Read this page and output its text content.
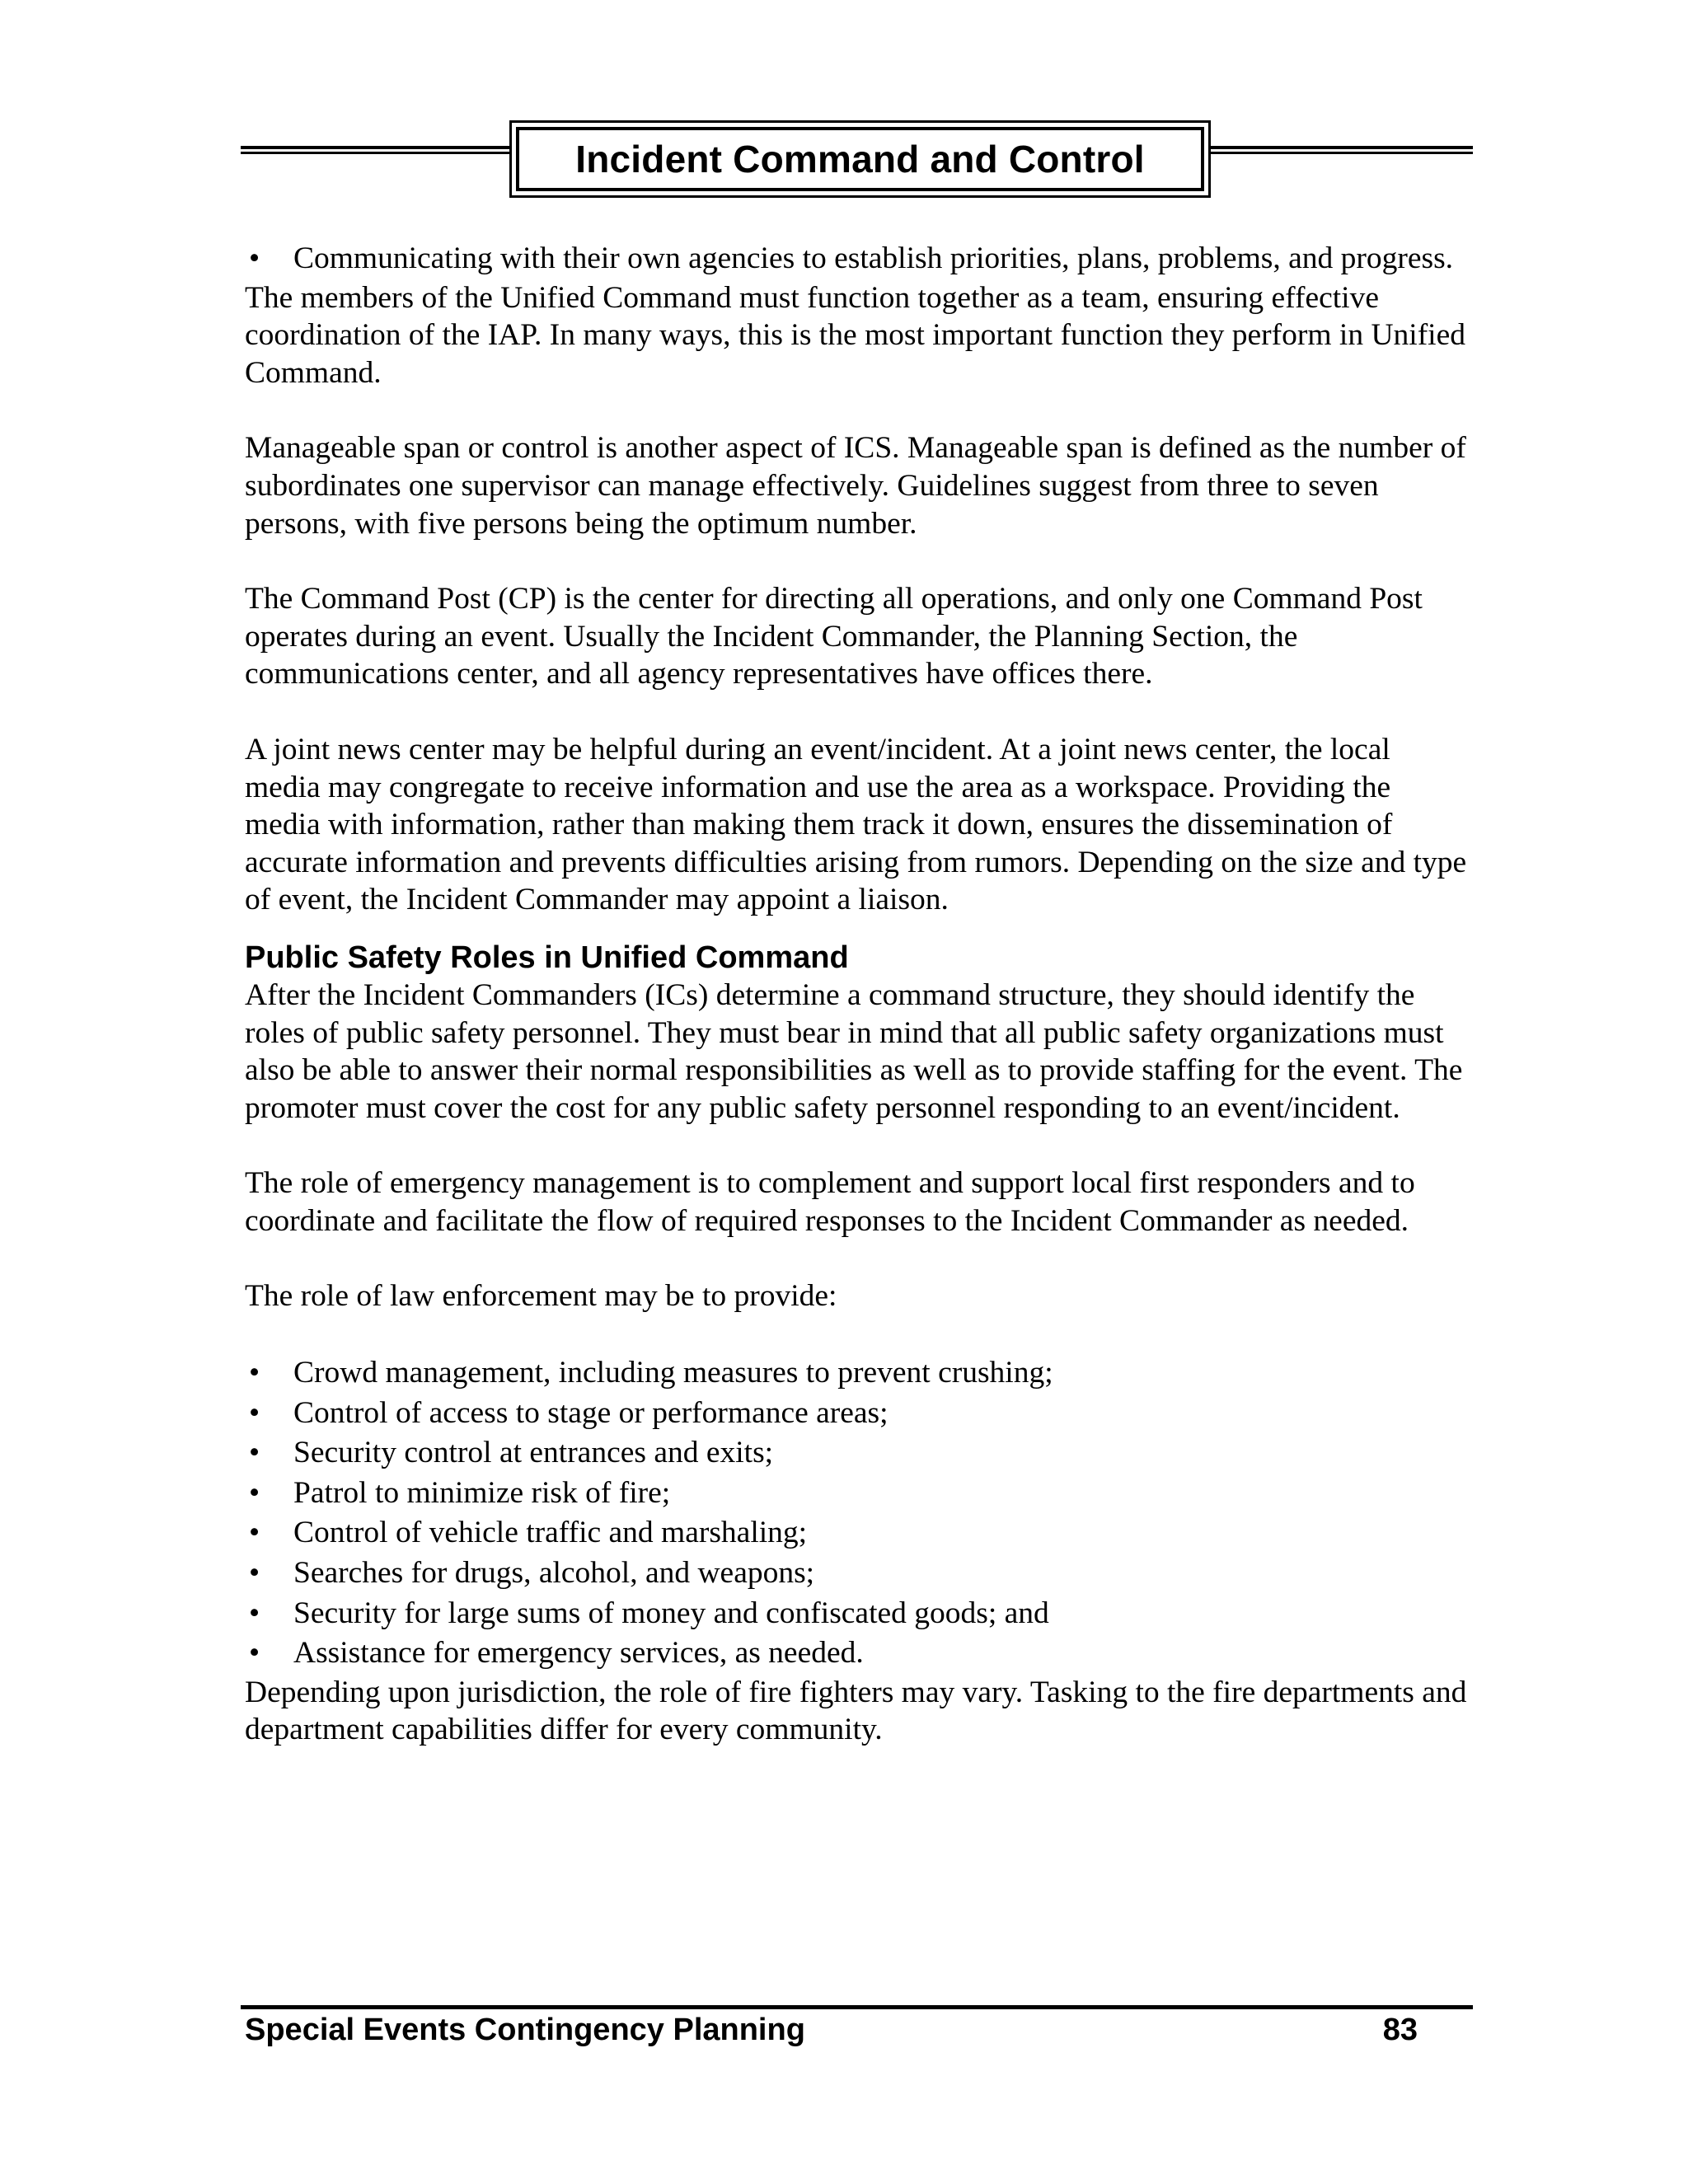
Incident Command and Control
• Communicating with their own agencies to establish priorities, plans, problems, and progress.

The members of the Unified Command must function together as a team, ensuring effective coordination of the IAP. In many ways, this is the most important function they perform in Unified Command.

Manageable span or control is another aspect of ICS. Manageable span is defined as the number of subordinates one supervisor can manage effectively. Guidelines suggest from three to seven persons, with five persons being the optimum number.

The Command Post (CP) is the center for directing all operations, and only one Command Post operates during an event. Usually the Incident Commander, the Planning Section, the communications center, and all agency representatives have offices there.

A joint news center may be helpful during an event/incident. At a joint news center, the local media may congregate to receive information and use the area as a workspace. Providing the media with information, rather than making them track it down, ensures the dissemination of accurate information and prevents difficulties arising from rumors. Depending on the size and type of event, the Incident Commander may appoint a liaison.

Public Safety Roles in Unified Command

After the Incident Commanders (ICs) determine a command structure, they should identify the roles of public safety personnel. They must bear in mind that all public safety organizations must also be able to answer their normal responsibilities as well as to provide staffing for the event. The promoter must cover the cost for any public safety personnel responding to an event/incident.

The role of emergency management is to complement and support local first responders and to coordinate and facilitate the flow of required responses to the Incident Commander as needed.

The role of law enforcement may be to provide:

• Crowd management, including measures to prevent crushing;
• Control of access to stage or performance areas;
• Security control at entrances and exits;
• Patrol to minimize risk of fire;
• Control of vehicle traffic and marshaling;
• Searches for drugs, alcohol, and weapons;
• Security for large sums of money and confiscated goods; and
• Assistance for emergency services, as needed.

Depending upon jurisdiction, the role of fire fighters may vary. Tasking to the fire departments and department capabilities differ for every community.

Special Events Contingency Planning	83
